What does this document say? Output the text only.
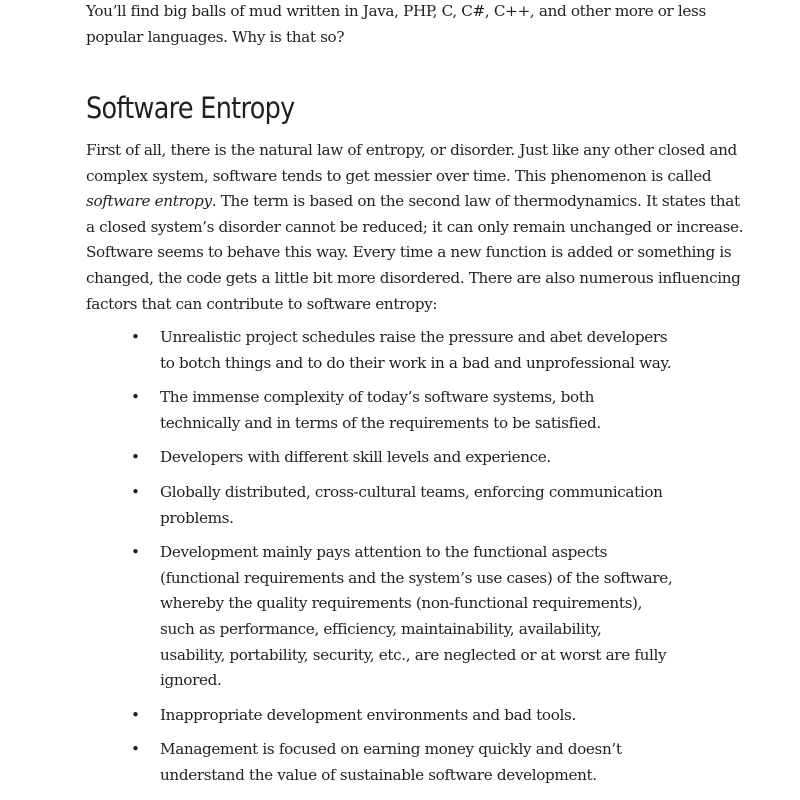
You’ll find big balls of mud written in Java, PHP, C, C#, C++, and other more or less
popular languages. Why is that so?

Software Entropy

First of all, there is the natural law of entropy, or disorder. Just like any other closed and
complex system, software tends to get messier over time. This phenomenon is called
software entropy. The term is based on the second law of thermodynamics. It states that
a closed system’s disorder cannot be reduced; it can only remain unchanged or increase.
Software seems to behave this way. Every time a new function is added or something is
changed, the code gets a little bit more disordered. There are also numerous influencing
factors that can contribute to software entropy:

• Unrealistic project schedules raise the pressure and abet developers
to botch things and to do their work in a bad and unprofessional way.
• The immense complexity of today’s software systems, both
technically and in terms of the requirements to be satisfied.
• Developers with different skill levels and experience.
• Globally distributed, cross-cultural teams, enforcing communication
problems.
• Development mainly pays attention to the functional aspects
(functional requirements and the system’s use cases) of the software,
whereby the quality requirements (non-functional requirements),
such as performance, efficiency, maintainability, availability,
usability, portability, security, etc., are neglected or at worst are fully
ignored.
• Inappropriate development environments and bad tools.
• Management is focused on earning money quickly and doesn’t
understand the value of sustainable software development.
